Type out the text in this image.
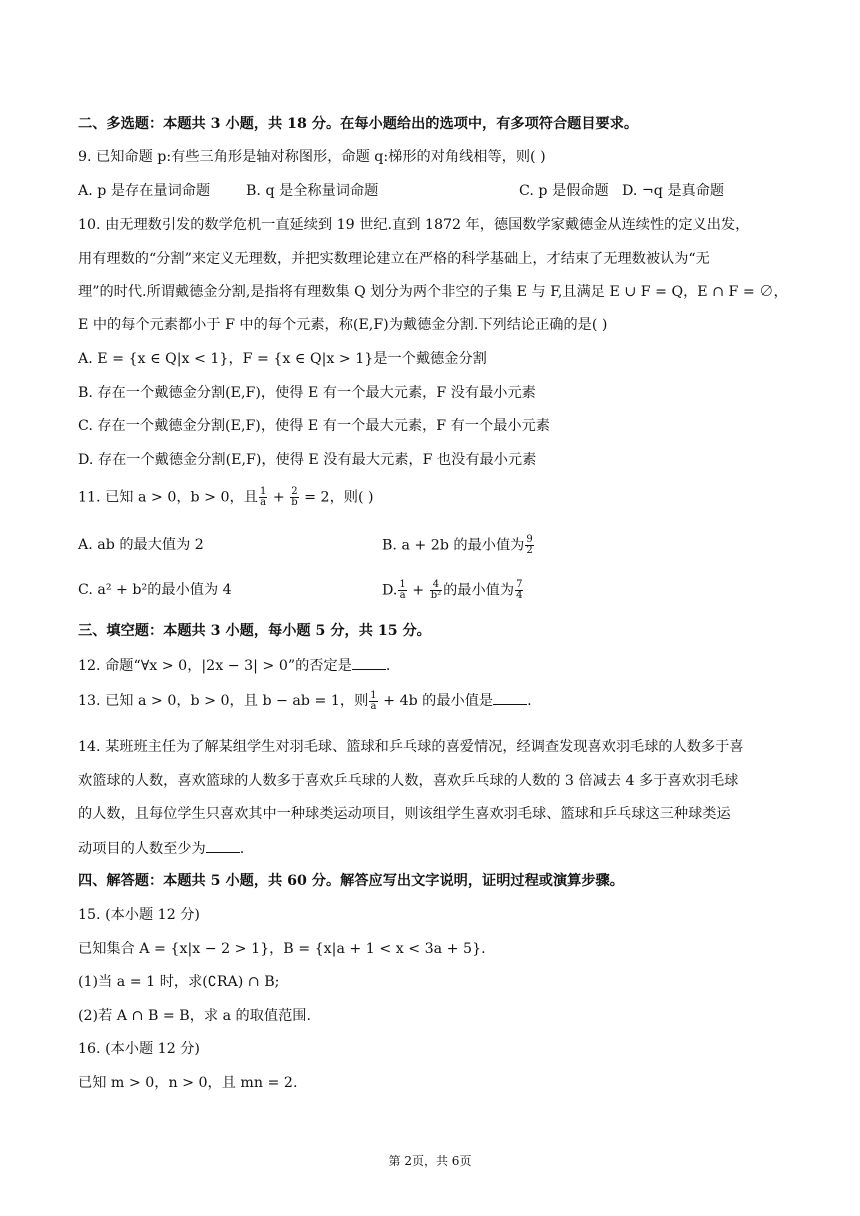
二、多选题：本题共 3 小题，共 18 分。在每小题给出的选项中，有多项符合题目要求。
9. 已知命题 p:有些三角形是轴对称图形，命题 q:梯形的对角线相等，则( )
A. p 是存在量词命题	B. q 是全称量词命题	C. p 是假命题 D. ¬q 是真命题
10. 由无理数引发的数学危机一直延续到 19 世纪.直到 1872 年，德国数学家戴德金从连续性的定义出发，
用有理数的“分割”来定义无理数，并把实数理论建立在严格的科学基础上，才结束了无理数被认为“无
理”的时代.所谓戴德金分割,是指将有理数集 Q 划分为两个非空的子集 E 与 F,且满足 E ∪ F = Q，E ∩ F = ∅，
E 中的每个元素都小于 F 中的每个元素，称(E,F)为戴德金分割.下列结论正确的是( )
A. E = {x ∈ Q|x < 1}，F = {x ∈ Q|x > 1}是一个戴德金分割
B. 存在一个戴德金分割(E,F)，使得 E 有一个最大元素，F 没有最小元素
C. 存在一个戴德金分割(E,F)，使得 E 有一个最大元素，F 有一个最小元素
D. 存在一个戴德金分割(E,F)，使得 E 没有最大元素，F 也没有最小元素
11. 已知 a > 0，b > 0，且 $\frac{1}{a} + \frac{2}{b} = 2$，则( )
A. ab 的最大值为 2	B. a + 2b 的最小值为 $\frac{9}{2}$
C. a² + b²的最小值为 4	D. $\frac{1}{a} + \frac{4}{\text{b²}}$ 的最小值为 $\frac{7}{4}$
三、填空题：本题共 3 小题，每小题 5 分，共 15 分。
12. 命题“∀x > 0，|2x − 3| > 0”的否定是 .
13. 已知 a > 0，b > 0，且 b − ab = 1，则 $\frac{1}{a} + 4b$ 的最小值是 .
14. 某班班主任为了解某组学生对羽毛球、篮球和乒乓球的喜爱情况，经调查发现喜欢羽毛球的人数多于喜
欢篮球的人数，喜欢篮球的人数多于喜欢乒乓球的人数，喜欢乒乓球的人数的 3 倍减去 4 多于喜欢羽毛球
的人数，且每位学生只喜欢其中一种球类运动项目，则该组学生喜欢羽毛球、篮球和乒乓球这三种球类运
动项目的人数至少为 .
四、解答题：本题共 5 小题，共 60 分。解答应写出文字说明，证明过程或演算步骤。
15. (本小题 12 分)
已知集合 A = {x|x − 2 > 1}，B = {x|a + 1 < x < 3a + 5}.
(1)当 a = 1 时，求(∁RA) ∩ B;
(2)若 A ∩ B = B，求 a 的取值范围.
16. (本小题 12 分)
已知 m > 0，n > 0，且 mn = 2.
第 2页，共 6页
